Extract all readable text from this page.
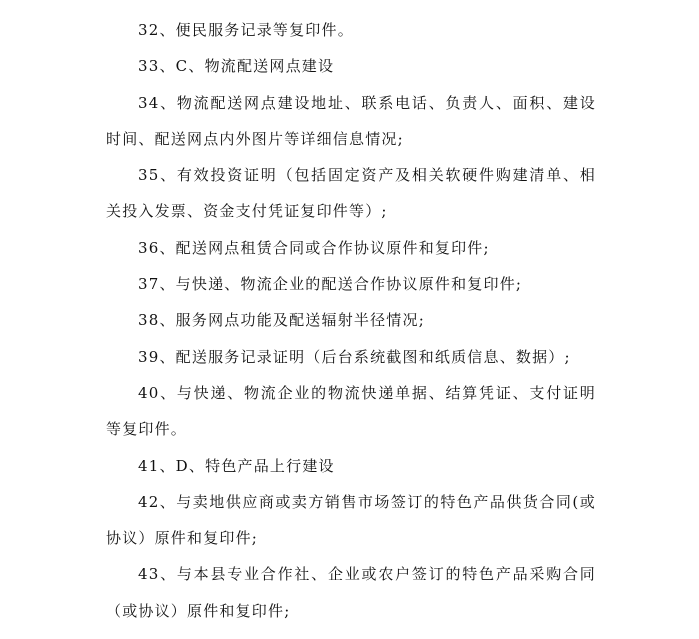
32、便民服务记录等复印件。

33、C、物流配送网点建设

34、物流配送网点建设地址、联系电话、负责人、面积、建设时间、配送网点内外图片等详细信息情况;

35、有效投资证明（包括固定资产及相关软硬件购建清单、相关投入发票、资金支付凭证复印件等）;

36、配送网点租赁合同或合作协议原件和复印件;

37、与快递、物流企业的配送合作协议原件和复印件;

38、服务网点功能及配送辐射半径情况;

39、配送服务记录证明（后台系统截图和纸质信息、数据）;

40、与快递、物流企业的物流快递单据、结算凭证、支付证明等复印件。

41、D、特色产品上行建设

42、与卖地供应商或卖方销售市场签订的特色产品供货合同(或协议）原件和复印件;

43、与本县专业合作社、企业或农户签订的特色产品采购合同（或协议）原件和复印件;
